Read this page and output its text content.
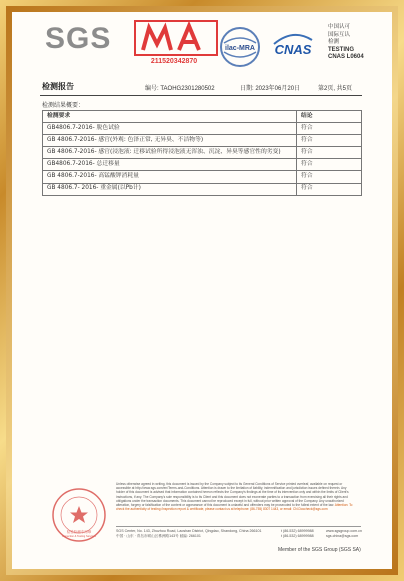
SGS
211520342870
ilac-MRA CNAS
中国认可
国际互认
检测
TESTING
CNAS L0604
检测报告	编号: TAOHG2301280502	日期: 2023年06月20日	第2页, 共5页
检测结果概要：
检测要求	结论
GB4806.7-2016- 脱色试验	符合
GB 4806.7-2016- 感官(外观: 色泽正常, 无异臭、不洁物等)	符合
GB 4806.7-2016- 感官(浸泡液: 迁移试验所得浸泡液无浑浊、沉淀、异臭等感官性的劣变)	符合
GB4806.7-2016- 总迁移量	符合
GB 4806.7-2016- 高锰酸钾消耗量	符合
GB 4806.7- 2016- 重金属(以Pb计)	符合
检验检测专用章
Inspection & Testing Services
Unless otherwise agreed in writing, this document is issued by the Company subject to its General Conditions of Service printed overleaf, available on request or accessible at http://www.sgs.com/en/Terms-and-Conditions. Attention is drawn to the limitation of liability, indemnification and jurisdiction issues defined therein. Any holder of this document is advised that information contained hereon reflects the Company's findings at the time of its intervention only and within the limits of Client's instructions, if any. The Company's sole responsibility is to its Client and this document does not exonerate parties to a transaction from exercising all their rights and obligations under the transaction documents. This document cannot be reproduced except in full, without prior written approval of the Company. Any unauthorized alteration, forgery or falsification of the content or appearance of this document is unlawful and offenders may be prosecuted to the fullest extent of the law. Attention: To check the authenticity of testing /inspection report & certificate, please contact us at telephone: (86-755) 8307 1443, or email: CN.Doccheck@sgs.com
SGS Center, No. 143, Zhuzhou Road, Laoshan District, Qingdao, Shandong, China 266101
中国 · 山东 · 青岛市崂山区株洲路143号 邮编: 266101
t (86-532) 68999988
t (86-532) 68999988
www.sgsgroup.com.cn
sgs.china@sgs.com
Member of the SGS Group (SGS SA)
